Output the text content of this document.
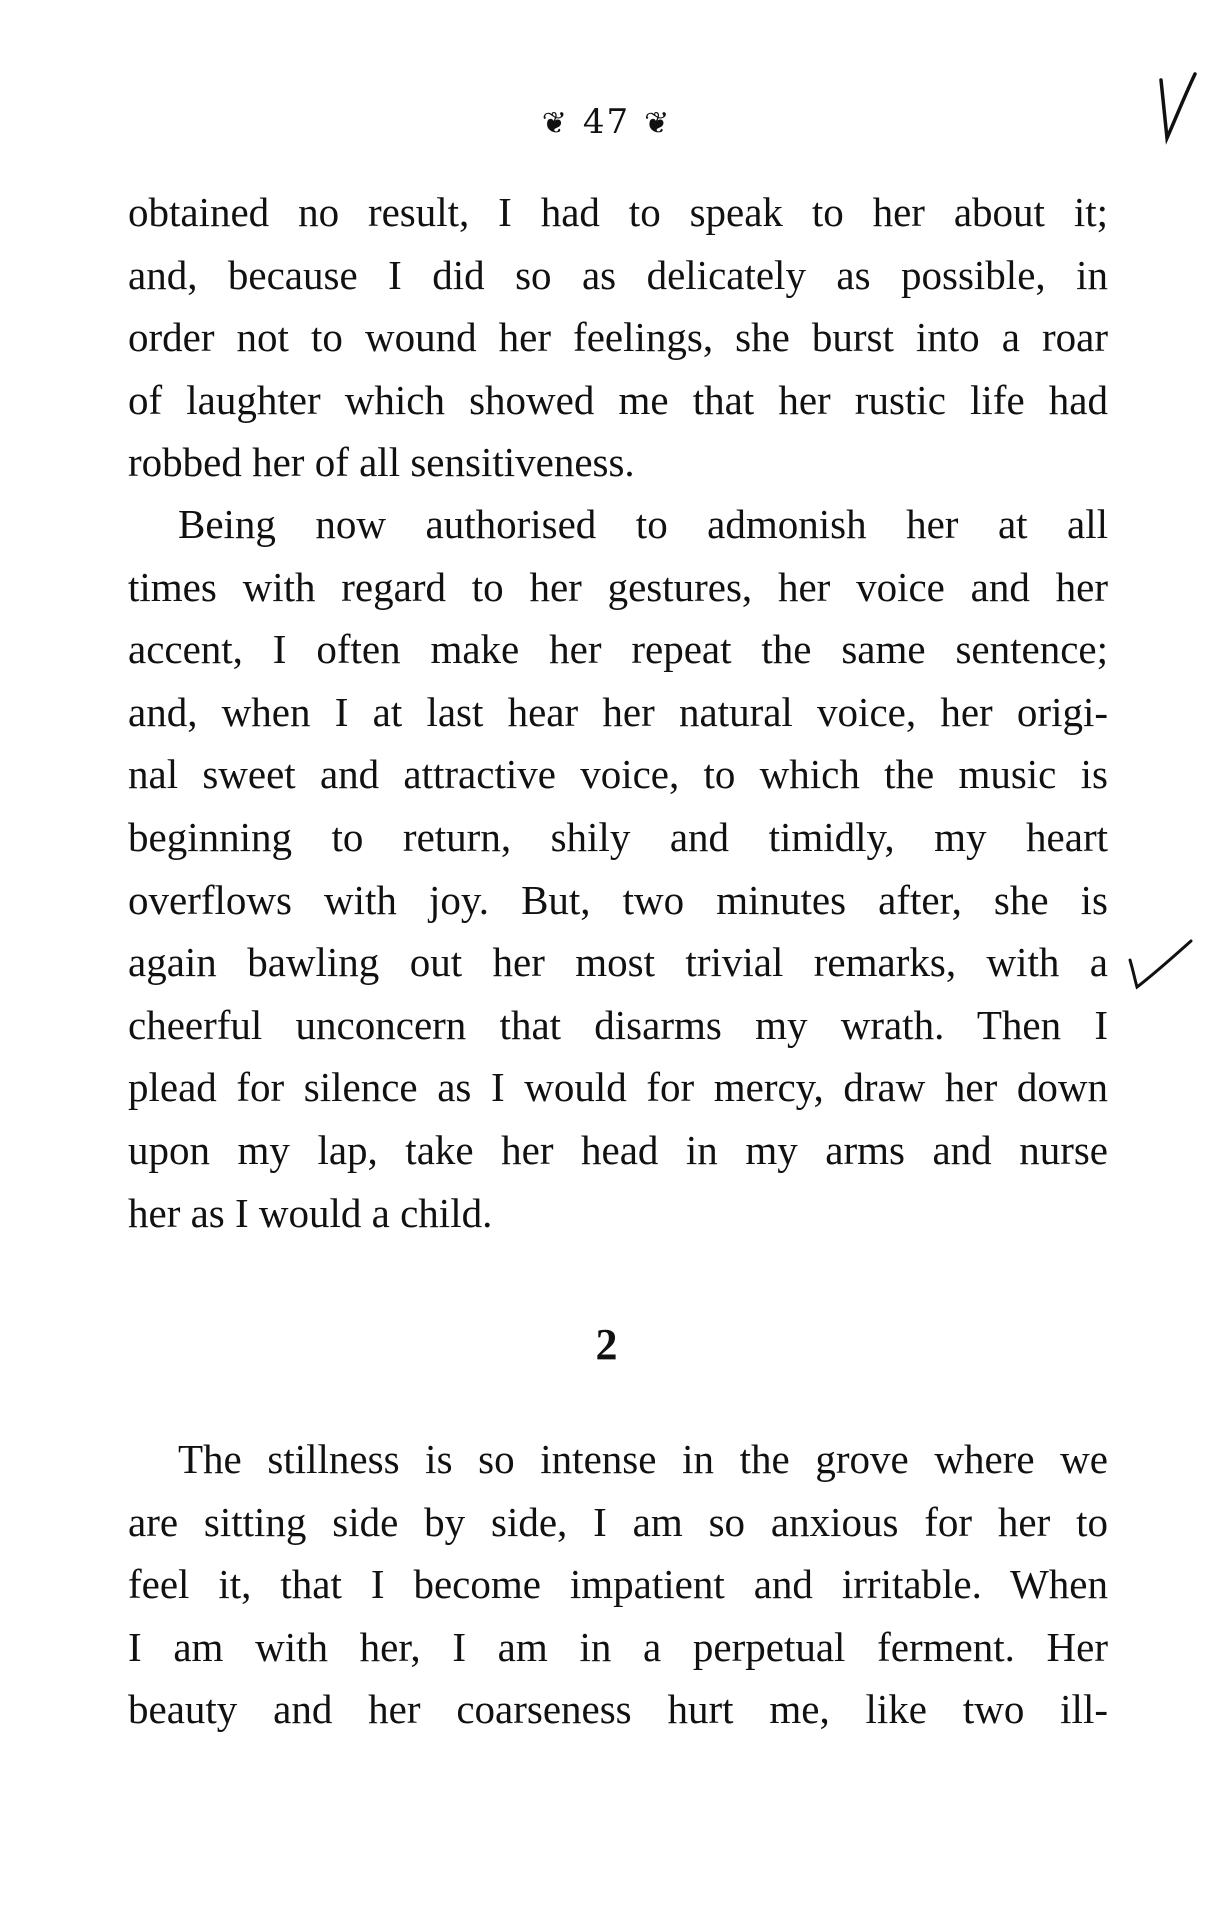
❦ 47 ❦
obtained no result, I had to speak to her about it;
and, because I did so as delicately as possible, in
order not to wound her feelings, she burst into a roar
of laughter which showed me that her rustic life had
robbed her of all sensitiveness.
Being now authorised to admonish her at all
times with regard to her gestures, her voice and her
accent, I often make her repeat the same sentence;
and, when I at last hear her natural voice, her origi-
nal sweet and attractive voice, to which the music is
beginning to return, shily and timidly, my heart
overflows with joy. But, two minutes after, she is
again bawling out her most trivial remarks, with a
cheerful unconcern that disarms my wrath. Then I
plead for silence as I would for mercy, draw her down
upon my lap, take her head in my arms and nurse
her as I would a child.
2
The stillness is so intense in the grove where we
are sitting side by side, I am so anxious for her to
feel it, that I become impatient and irritable. When
I am with her, I am in a perpetual ferment. Her
beauty and her coarseness hurt me, like two ill-
